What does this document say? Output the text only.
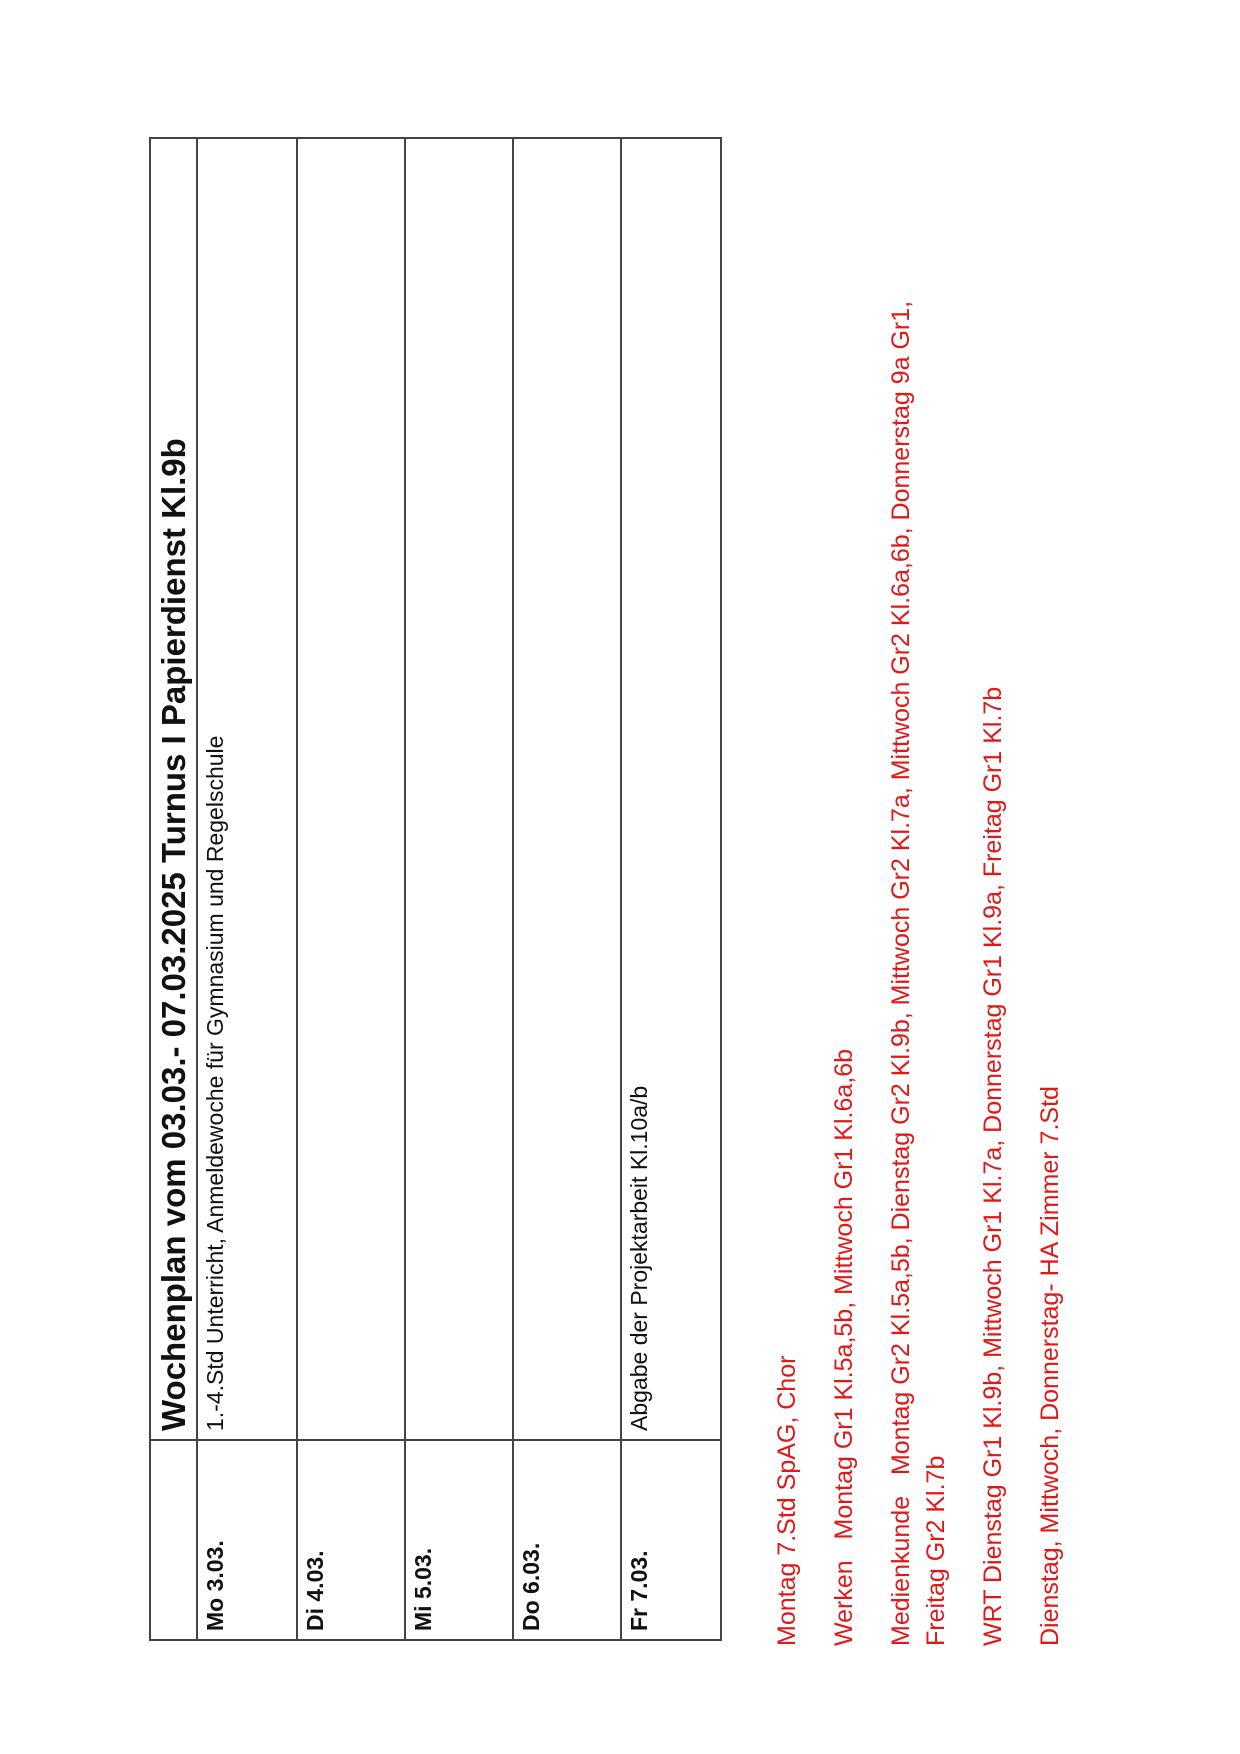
	Wochenplan vom 03.03.- 07.03.2025 Turnus I Papierdienst Kl.9b
Mo 3.03.	1.-4.Std Unterricht, Anmeldewoche für Gymnasium und Regelschule
Di 4.03.	
Mi 5.03.	
Do 6.03.	
Fr 7.03.	Abgabe der Projektarbeit Kl.10a/b
Montag 7.Std SpAG, Chor Werken   Montag Gr1 Kl.5a,5b, Mittwoch Gr1 Kl.6a,6b Medienkunde   Montag Gr2 Kl.5a,5b, Dienstag Gr2 Kl.9b, Mittwoch Gr2 Kl.7a, Mittwoch Gr2 Kl.6a,6b, Donnerstag 9a Gr1, Freitag Gr2 Kl.7b WRT Dienstag Gr1 Kl.9b, Mittwoch Gr1 Kl.7a, Donnerstag Gr1 Kl.9a, Freitag Gr1 Kl.7b Dienstag, Mittwoch, Donnerstag- HA Zimmer 7.Std
